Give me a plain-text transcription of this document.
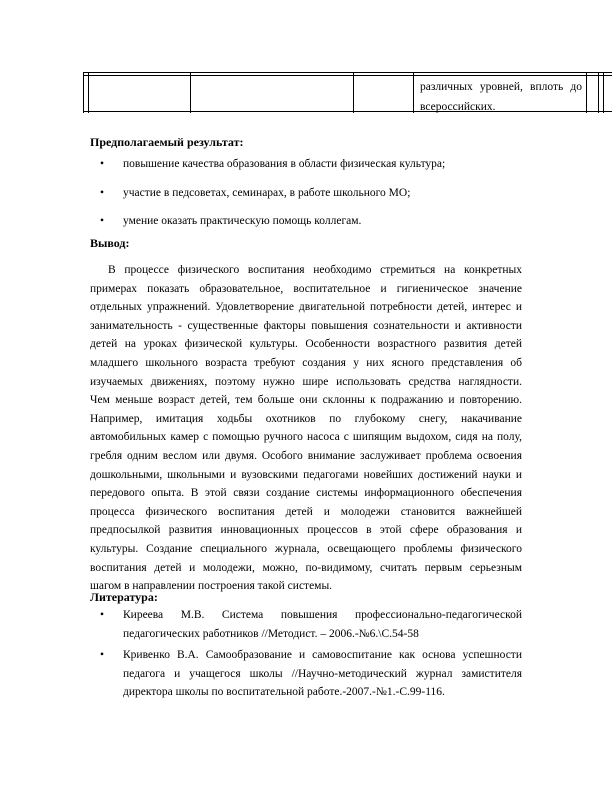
различных уровней, вплоть до
всероссийских.
Предполагаемый результат:
•	повышение качества образования в области физическая культура;
•	участие в педсоветах, семинарах, в работе школьного МО;
•	умение оказать практическую помощь коллегам.
Вывод:
В процессе физического воспитания необходимо стремиться на конкретных
примерах показать образовательное, воспитательное и гигиеническое значение
отдельных упражнений. Удовлетворение двигательной потребности детей, интерес и
занимательность - существенные факторы повышения сознательности и активности
детей на уроках физической культуры. Особенности возрастного развития детей
младшего школьного возраста требуют создания у них ясного представления об
изучаемых движениях, поэтому нужно шире использовать средства наглядности.
Чем меньше возраст детей, тем больше они склонны к подражанию и повторению.
Например, имитация ходьбы охотников по глубокому снегу, накачивание
автомобильных камер с помощью ручного насоса с шипящим выдохом, сидя на полу,
гребля одним веслом или двумя. Особого внимание заслуживает проблема освоения
дошкольными, школьными и вузовскими педагогами новейших достижений науки и
передового опыта. В этой связи создание системы информационного обеспечения
процесса физического воспитания детей и молодежи становится важнейшей
предпосылкой развития инновационных процессов в этой сфере образования и
культуры. Создание специального журнала, освещающего проблемы физического
воспитания детей и молодежи, можно, по-видимому, считать первым серьезным
шагом в направлении построения такой системы.
Литература:
• Киреева М.В. Система повышения профессионально-педагогической
педагогических работников //Методист. – 2006.-№6.\С.54-58
• Кривенко В.А. Самообразование и самовоспитание как основа успешности
педагога и учащегося школы //Научно-методический журнал замистителя
директора школы по воспитательной работе.-2007.-№1.-С.99-116.
